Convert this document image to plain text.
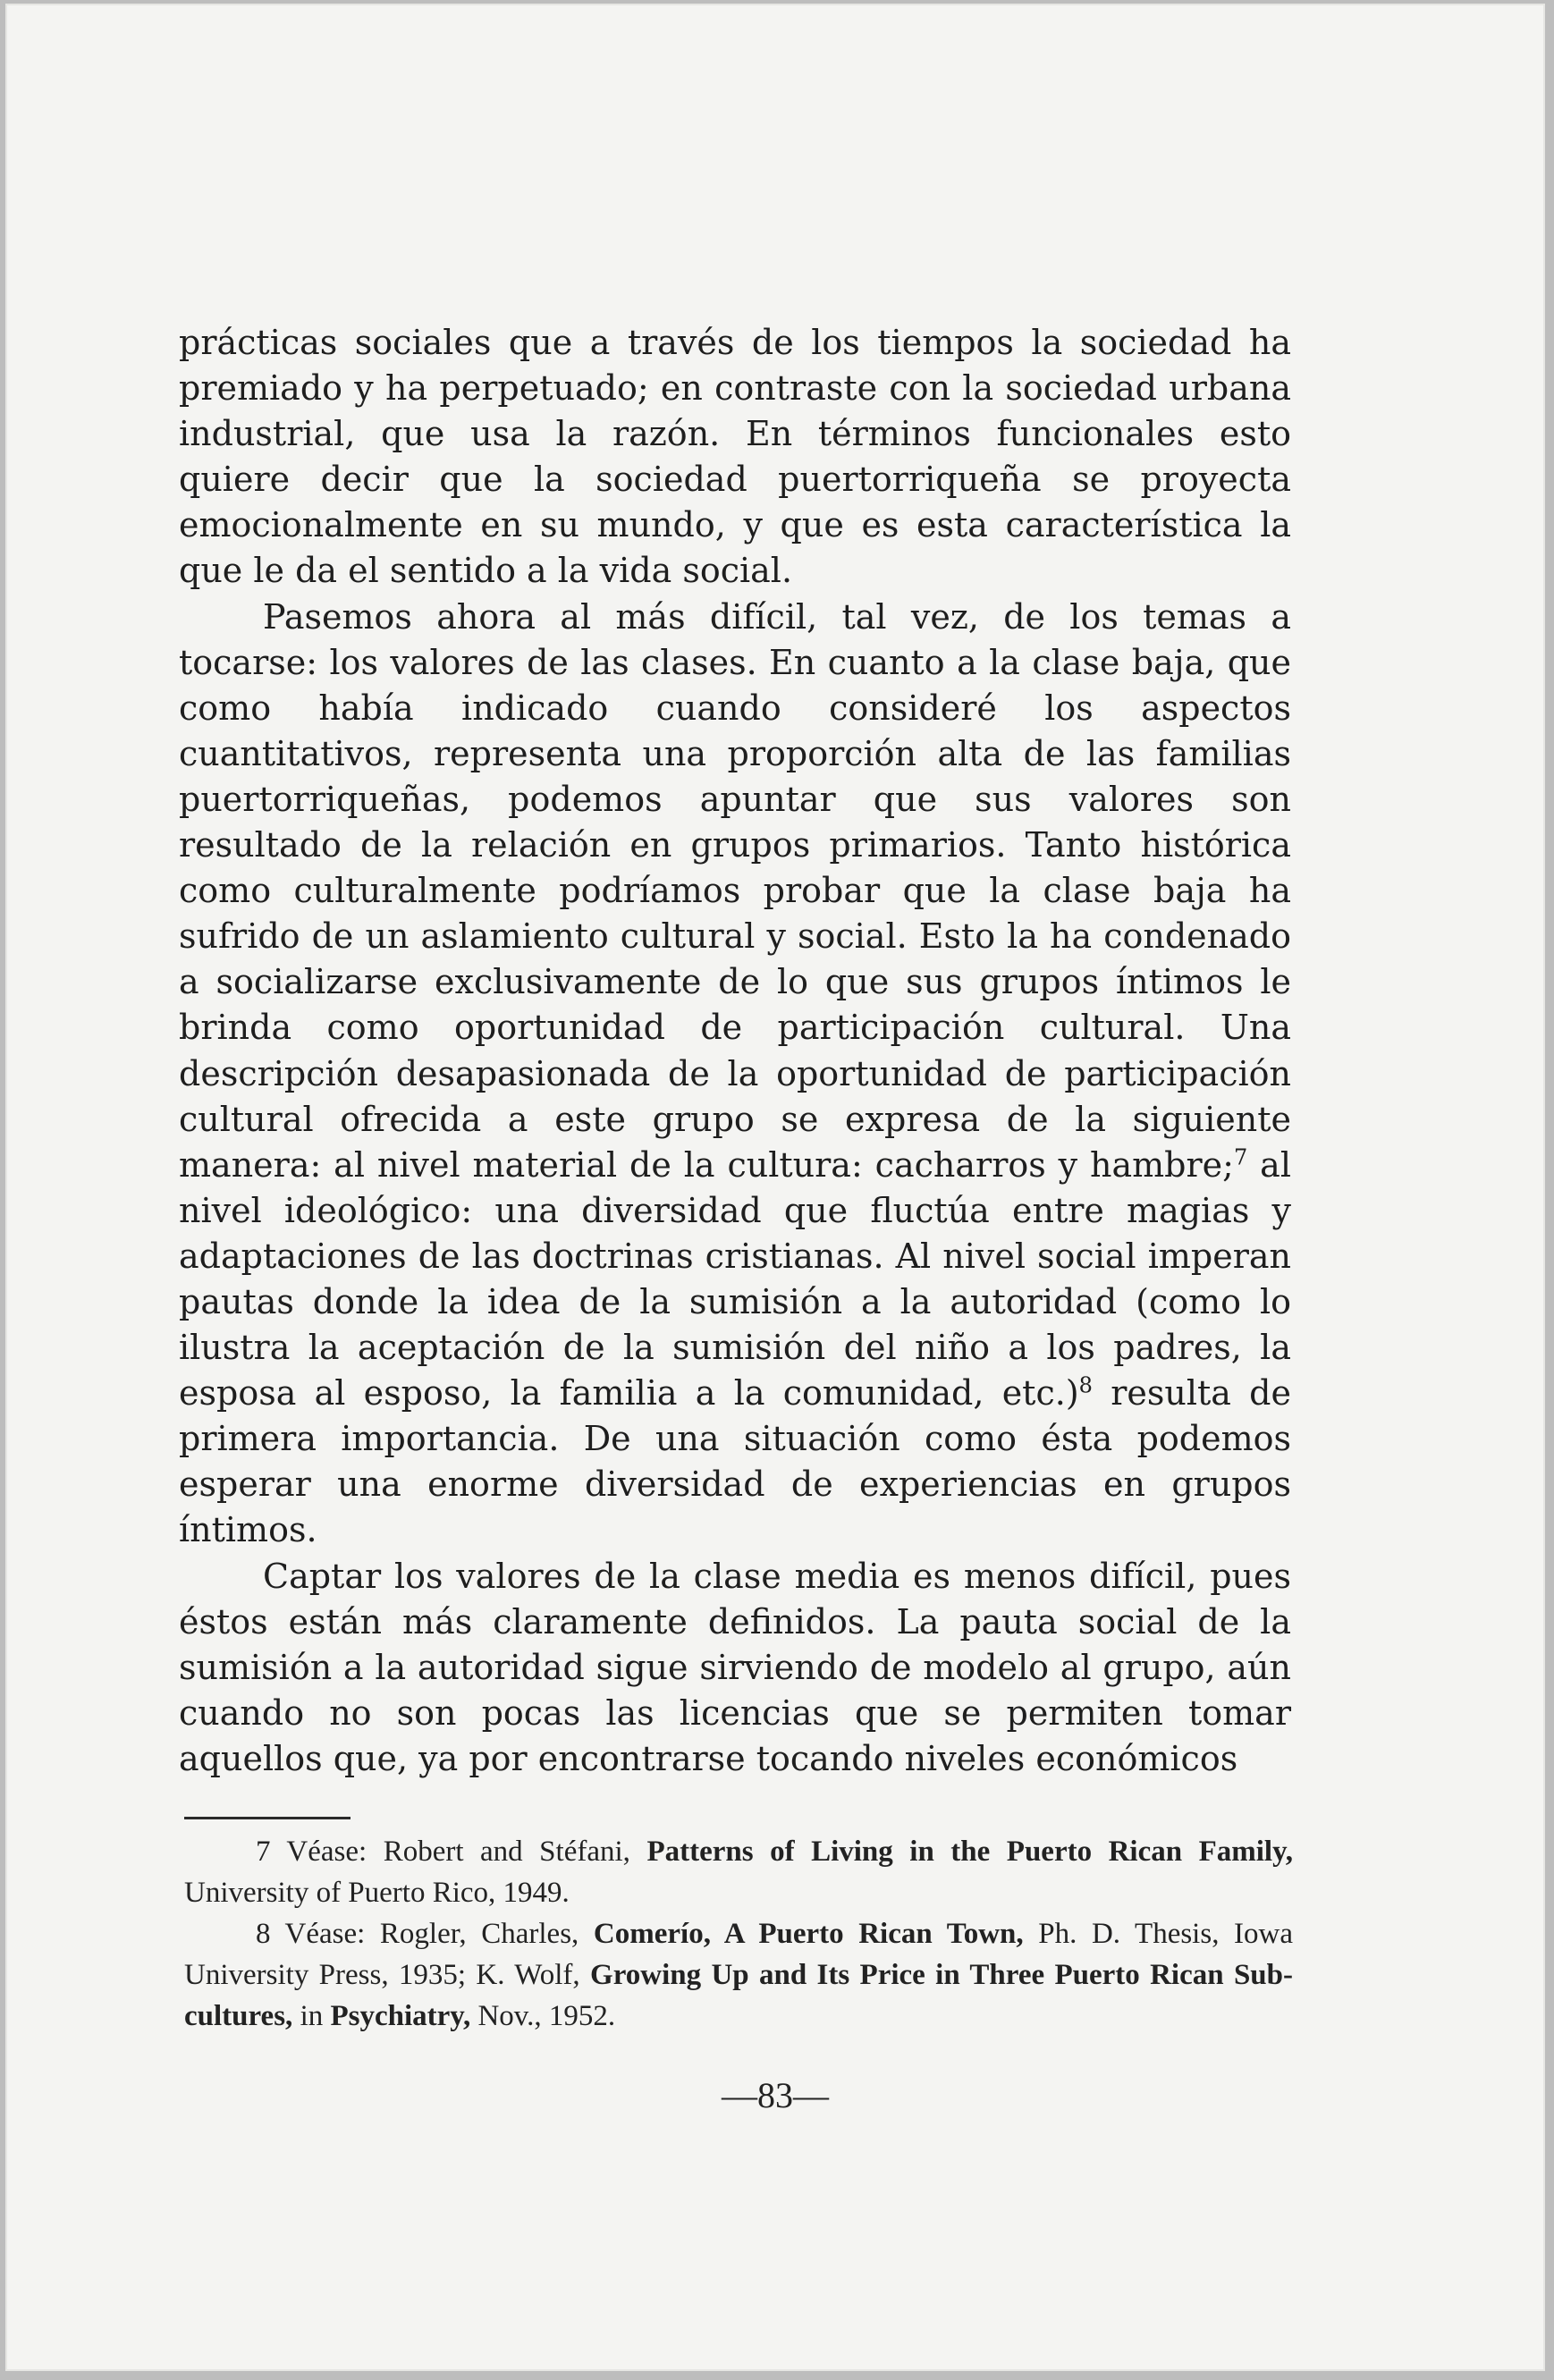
prácticas sociales que a través de los tiempos la sociedad ha premiado y ha perpetuado; en contraste con la sociedad urbana industrial, que usa la razón. En términos funcionales esto quiere decir que la sociedad puertorriqueña se proyecta emocionalmente en su mundo, y que es esta característica la que le da el sentido a la vida social.

Pasemos ahora al más difícil, tal vez, de los temas a tocarse: los valores de las clases. En cuanto a la clase baja, que como había indicado cuando consideré los aspectos cuantitativos, representa una proporción alta de las familias puertorriqueñas, podemos apuntar que sus valores son resultado de la relación en grupos primarios. Tanto histórica como culturalmente podríamos probar que la clase baja ha sufrido de un aslamiento cultural y social. Esto la ha condenado a socializarse exclusivamente de lo que sus grupos íntimos le brinda como oportunidad de participación cultural. Una descripción desapasionada de la oportunidad de participación cultural ofrecida a este grupo se expresa de la siguiente manera: al nivel material de la cultura: cacharros y hambre;$^7$ al nivel ideológico: una diversidad que fluctúa entre magias y adaptaciones de las doctrinas cristianas. Al nivel social imperan pautas donde la idea de la sumisión a la autoridad (como lo ilustra la aceptación de la sumisión del niño a los padres, la esposa al esposo, la familia a la comunidad, etc.)$^8$ resulta de primera importancia. De una situación como ésta podemos esperar una enorme diversidad de experiencias en grupos íntimos.

Captar los valores de la clase media es menos difícil, pues éstos están más claramente definidos. La pauta social de la sumisión a la autoridad sigue sirviendo de modelo al grupo, aún cuando no son pocas las licencias que se permiten tomar aquellos que, ya por encontrarse tocando niveles económicos

7 Véase: Robert and Stéfani, Patterns of Living in the Puerto Rican Family, University of Puerto Rico, 1949.

8 Véase: Rogler, Charles, Comerío, A Puerto Rican Town, Ph. D. Thesis, Iowa University Press, 1935; K. Wolf, Growing Up and Its Price in Three Puerto Rican Sub-cultures, in Psychiatry, Nov., 1952.

—83—
